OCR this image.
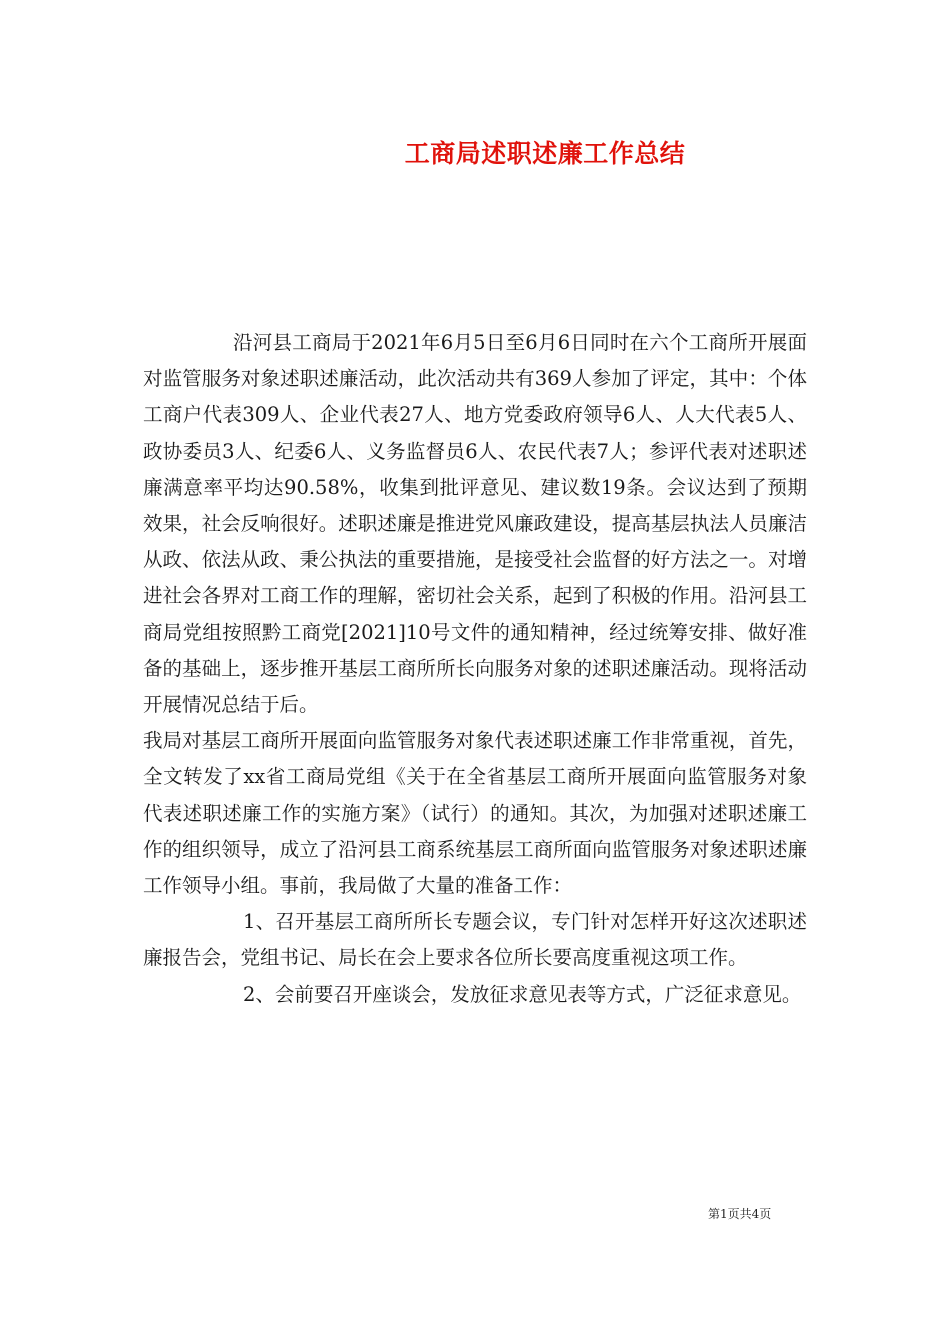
工商局述职述廉工作总结

沿河县工商局于2021年6月5日至6月6日同时在六个工商所开展面对监管服务对象述职述廉活动，此次活动共有369人参加了评定，其中：个体工商户代表309人、企业代表27人、地方党委政府领导6人、人大代表5人、政协委员3人、纪委6人、义务监督员6人、农民代表7人；参评代表对述职述廉满意率平均达90.58%，收集到批评意见、建议数19条。会议达到了预期效果，社会反响很好。述职述廉是推进党风廉政建设，提高基层执法人员廉洁从政、依法从政、秉公执法的重要措施，是接受社会监督的好方法之一。对增进社会各界对工商工作的理解，密切社会关系，起到了积极的作用。沿河县工商局党组按照黔工商党[2021]10号文件的通知精神，经过统筹安排、做好准备的基础上，逐步推开基层工商所所长向服务对象的述职述廉活动。现将活动开展情况总结于后。

我局对基层工商所开展面向监管服务对象代表述职述廉工作非常重视，首先，全文转发了xx省工商局党组《关于在全省基层工商所开展面向监管服务对象代表述职述廉工作的实施方案》（试行）的通知。其次，为加强对述职述廉工作的组织领导，成立了沿河县工商系统基层工商所面向监管服务对象述职述廉工作领导小组。事前，我局做了大量的准备工作：

1、召开基层工商所所长专题会议，专门针对怎样开好这次述职述廉报告会，党组书记、局长在会上要求各位所长要高度重视这项工作。

2、会前要召开座谈会，发放征求意见表等方式，广泛征求意见。

第1页共4页
